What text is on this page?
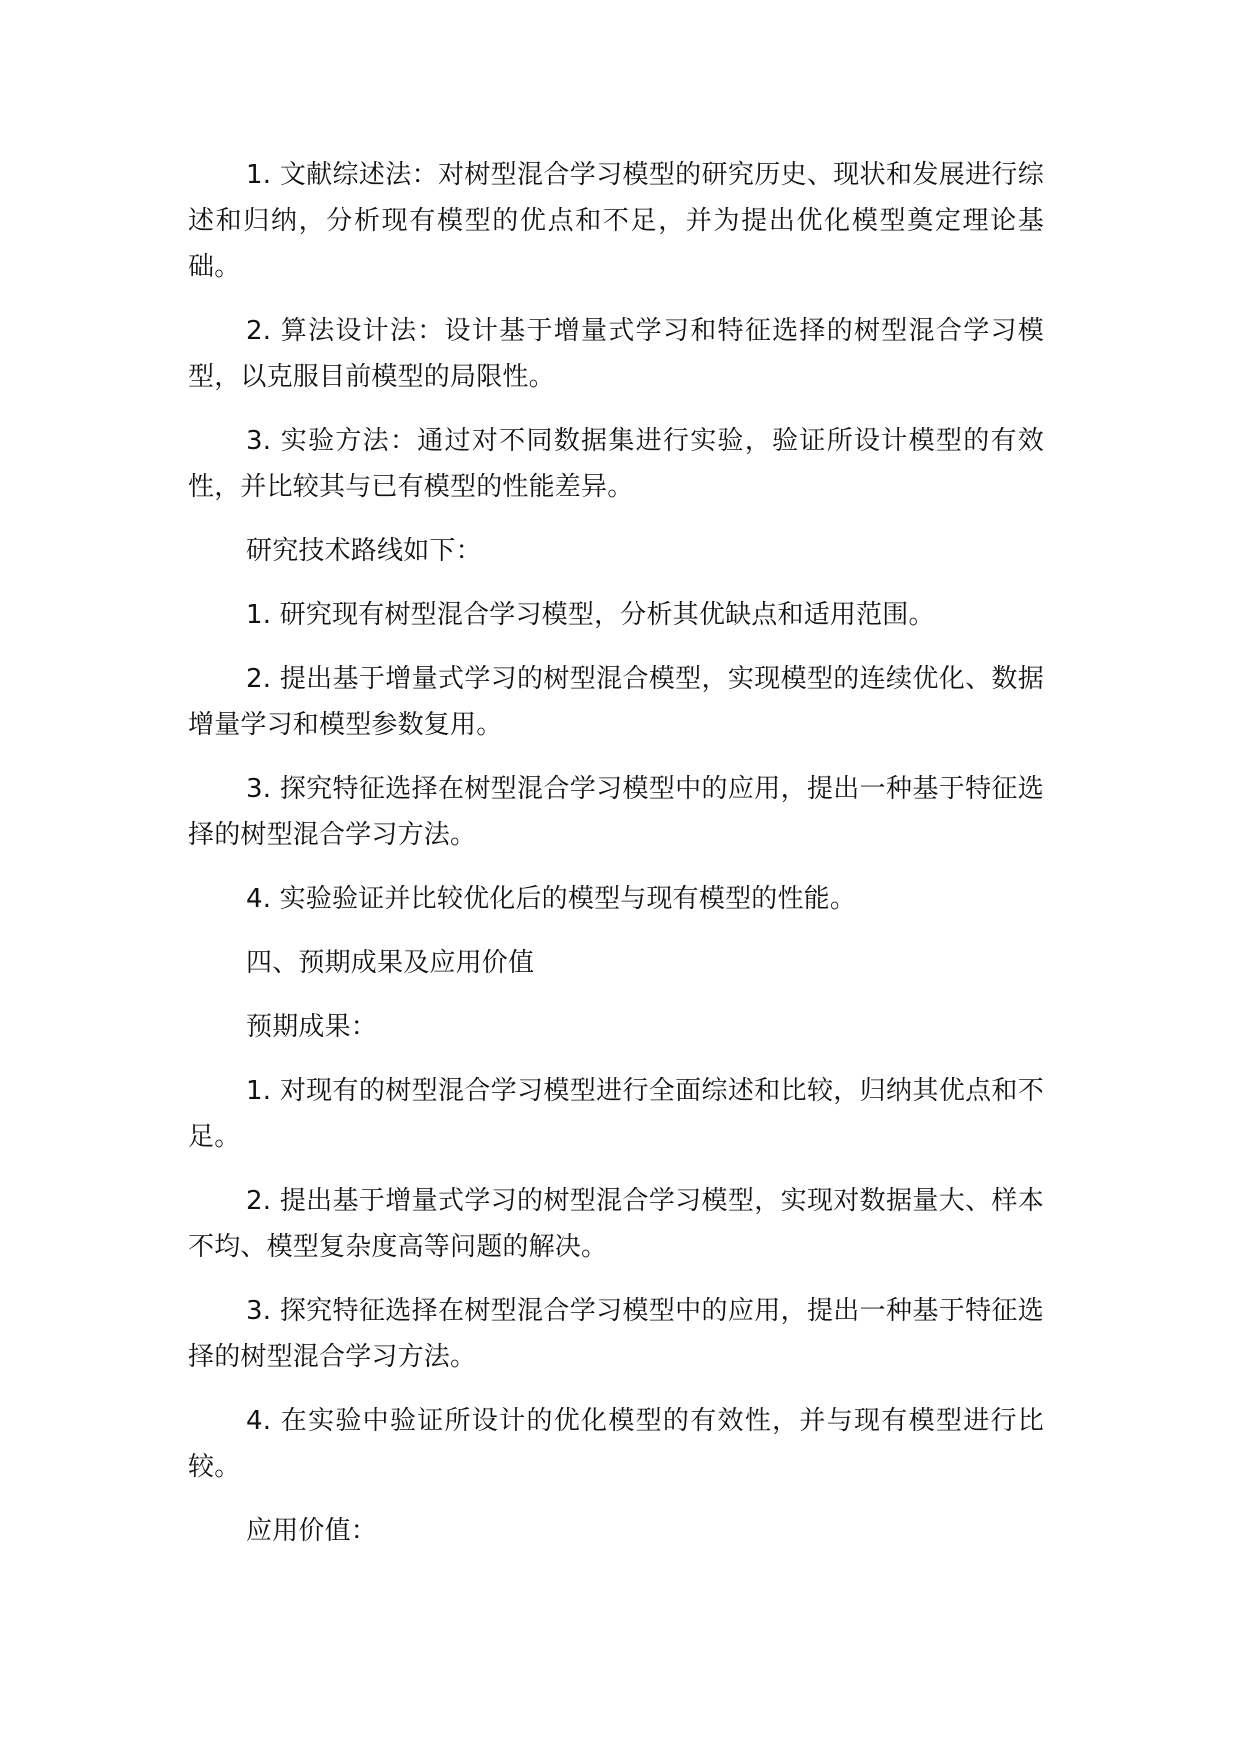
1. 文献综述法：对树型混合学习模型的研究历史、现状和发展进行综述和归纳，分析现有模型的优点和不足，并为提出优化模型奠定理论基础。

2. 算法设计法：设计基于增量式学习和特征选择的树型混合学习模型，以克服目前模型的局限性。

3. 实验方法：通过对不同数据集进行实验，验证所设计模型的有效性，并比较其与已有模型的性能差异。

研究技术路线如下：

1. 研究现有树型混合学习模型，分析其优缺点和适用范围。

2. 提出基于增量式学习的树型混合模型，实现模型的连续优化、数据增量学习和模型参数复用。

3. 探究特征选择在树型混合学习模型中的应用，提出一种基于特征选择的树型混合学习方法。

4. 实验验证并比较优化后的模型与现有模型的性能。

四、预期成果及应用价值

预期成果：

1. 对现有的树型混合学习模型进行全面综述和比较，归纳其优点和不足。

2. 提出基于增量式学习的树型混合学习模型，实现对数据量大、样本不均、模型复杂度高等问题的解决。

3. 探究特征选择在树型混合学习模型中的应用，提出一种基于特征选择的树型混合学习方法。

4. 在实验中验证所设计的优化模型的有效性，并与现有模型进行比较。

应用价值：
